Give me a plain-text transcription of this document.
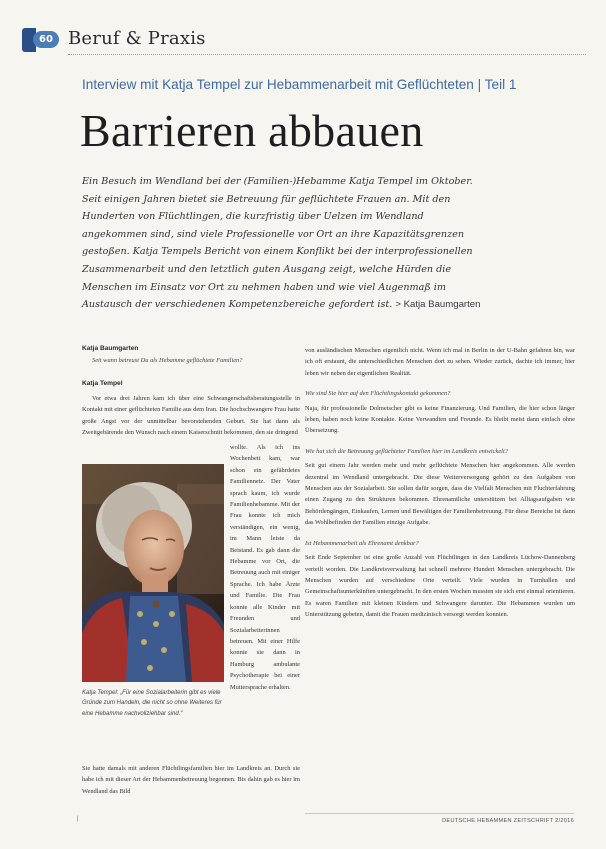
60 Beruf & Praxis
Interview mit Katja Tempel zur Hebammenarbeit mit Geflüchteten | Teil 1
Barrieren abbauen
Ein Besuch im Wendland bei der (Familien-)Hebamme Katja Tempel im Oktober. Seit einigen Jahren bietet sie Betreuung für geflüchtete Frauen an. Mit den Hunderten von Flüchtlingen, die kurzfristig über Uelzen im Wendland angekommen sind, sind viele Professionelle vor Ort an ihre Kapazitätsgrenzen gestoßen. Katja Tempels Bericht von einem Konflikt bei der interprofessionellen Zusammenarbeit und den letztlich guten Ausgang zeigt, welche Hürden die Menschen im Einsatz vor Ort zu nehmen haben und wie viel Augenmaß im Austausch der verschiedenen Kompetenzbereiche gefordert ist. > Katja Baumgarten
Katja Baumgarten
Seit wann betreust Du als Hebamme geflüchtete Familien?
Katja Tempel
Vor etwa drei Jahren kam ich über eine Schwangerschaftsberatungsstelle in Kontakt mit einer geflüchteten Familie aus dem Iran. Die hochschwangere Frau hatte große Angst vor der unmittelbar bevorstehenden Geburt. Sie hat dann als Zweitgebärende den Wunsch nach einem Kaiserschnitt bekommen, den sie dringend
Sie hatte damals mit anderen Flüchtlingsfamilien hier im Landkreis an. Durch sie habe ich mit dieser Art der Hebammenbetreuung begonnen. Bis dahin gab es hier im Wendland das Bild
wollte. Als ich ins Wochenbett kam, war schon ein gefährdetes Familiennetz. Der Vater sprach kaum, ich wurde Familienhebamme. Mit der Frau konnte ich mich verständigen, ein wenig, im Mann leiste da Beistand. Es gab dann die Hebamme vor Ort, die Betreuung auch mit einiger Sprache. Ich habe Ärzte und Familie. Die Frau konnte alle Kinder mit Freunden und Sozialarbeiterinnen betreuen. Mit einer Hilfe konnte sie dann in Hamburg ambulante Psychotherapie bei einer Muttersprache erhalten.
Katja Tempel: „Für eine Sozialarbeiterin gibt es viele Gründe zum Handeln, die nicht so ohne Weiteres für eine Hebamme nachvollziehbar sind.“

von ausländischen Menschen eigentlich nicht. Wenn ich mal in Berlin in der U-Bahn gefahren bin, war ich oft erstaunt, die unterschiedlichen Menschen dort zu sehen. Wieder zurück, dachte ich immer, hier leben wir neben der eigentlichen Realität.

Wie sind Sie hier auf den Flüchtlingskontakt gekommen?

Naja, für professionelle Dolmetscher gibt es keine Finanzierung. Und Familien, die hier schon länger leben, haben noch keine Kontakte. Keine Verwandten und Freunde. Es bleibt meist dann einfach ohne Übersetzung.

Wie hat sich die Betreuung geflüchteter Familien hier im Landkreis entwickelt?

Seit gut einem Jahr werden mehr und mehr geflüchtete Menschen hier angekommen. Alle werden dezentral im Wendland untergebracht. Die diese Weiterversorgung gehört zu den Aufgaben von Menschen aus der Sozialarbeit. Sie sollen dafür sorgen, dass die Vielfalt Menschen mit Fluchterfahrung einen Zugang zu den Strukturen bekommen. Ehrenamtliche unterstützen bei Alltagsaufgaben wie Behördengängen, Einkaufen, Lernen und Bewältigen der Familienbetreuung. Für diese Bereiche ist dann das Wohlbefinden der Familien einzige Aufgabe.

Ist Hebammenarbeit als Ehrenamt denkbar?

Seit Ende September ist eine große Anzahl von Flüchtlingen in den Landkreis Lüchow-Dannenberg verteilt worden. Die Landkreisverwaltung hat schnell mehrere Hundert Menschen untergebracht. Die Menschen wurden auf verschiedene Orte verteilt. Viele wurden in Turnhallen und Gemeinschaftsunterkünften untergebracht. In den ersten Wochen mussten sie sich erst einmal orientieren. Es waren Familien mit kleinen Kindern und Schwangere darunter. Die Hebammen wurden um Unterstützung gebeten, damit die Frauen medizinisch versorgt werden konnten.

|	DEUTSCHE HEBAMMEN ZEITSCHRIFT 2/2016
